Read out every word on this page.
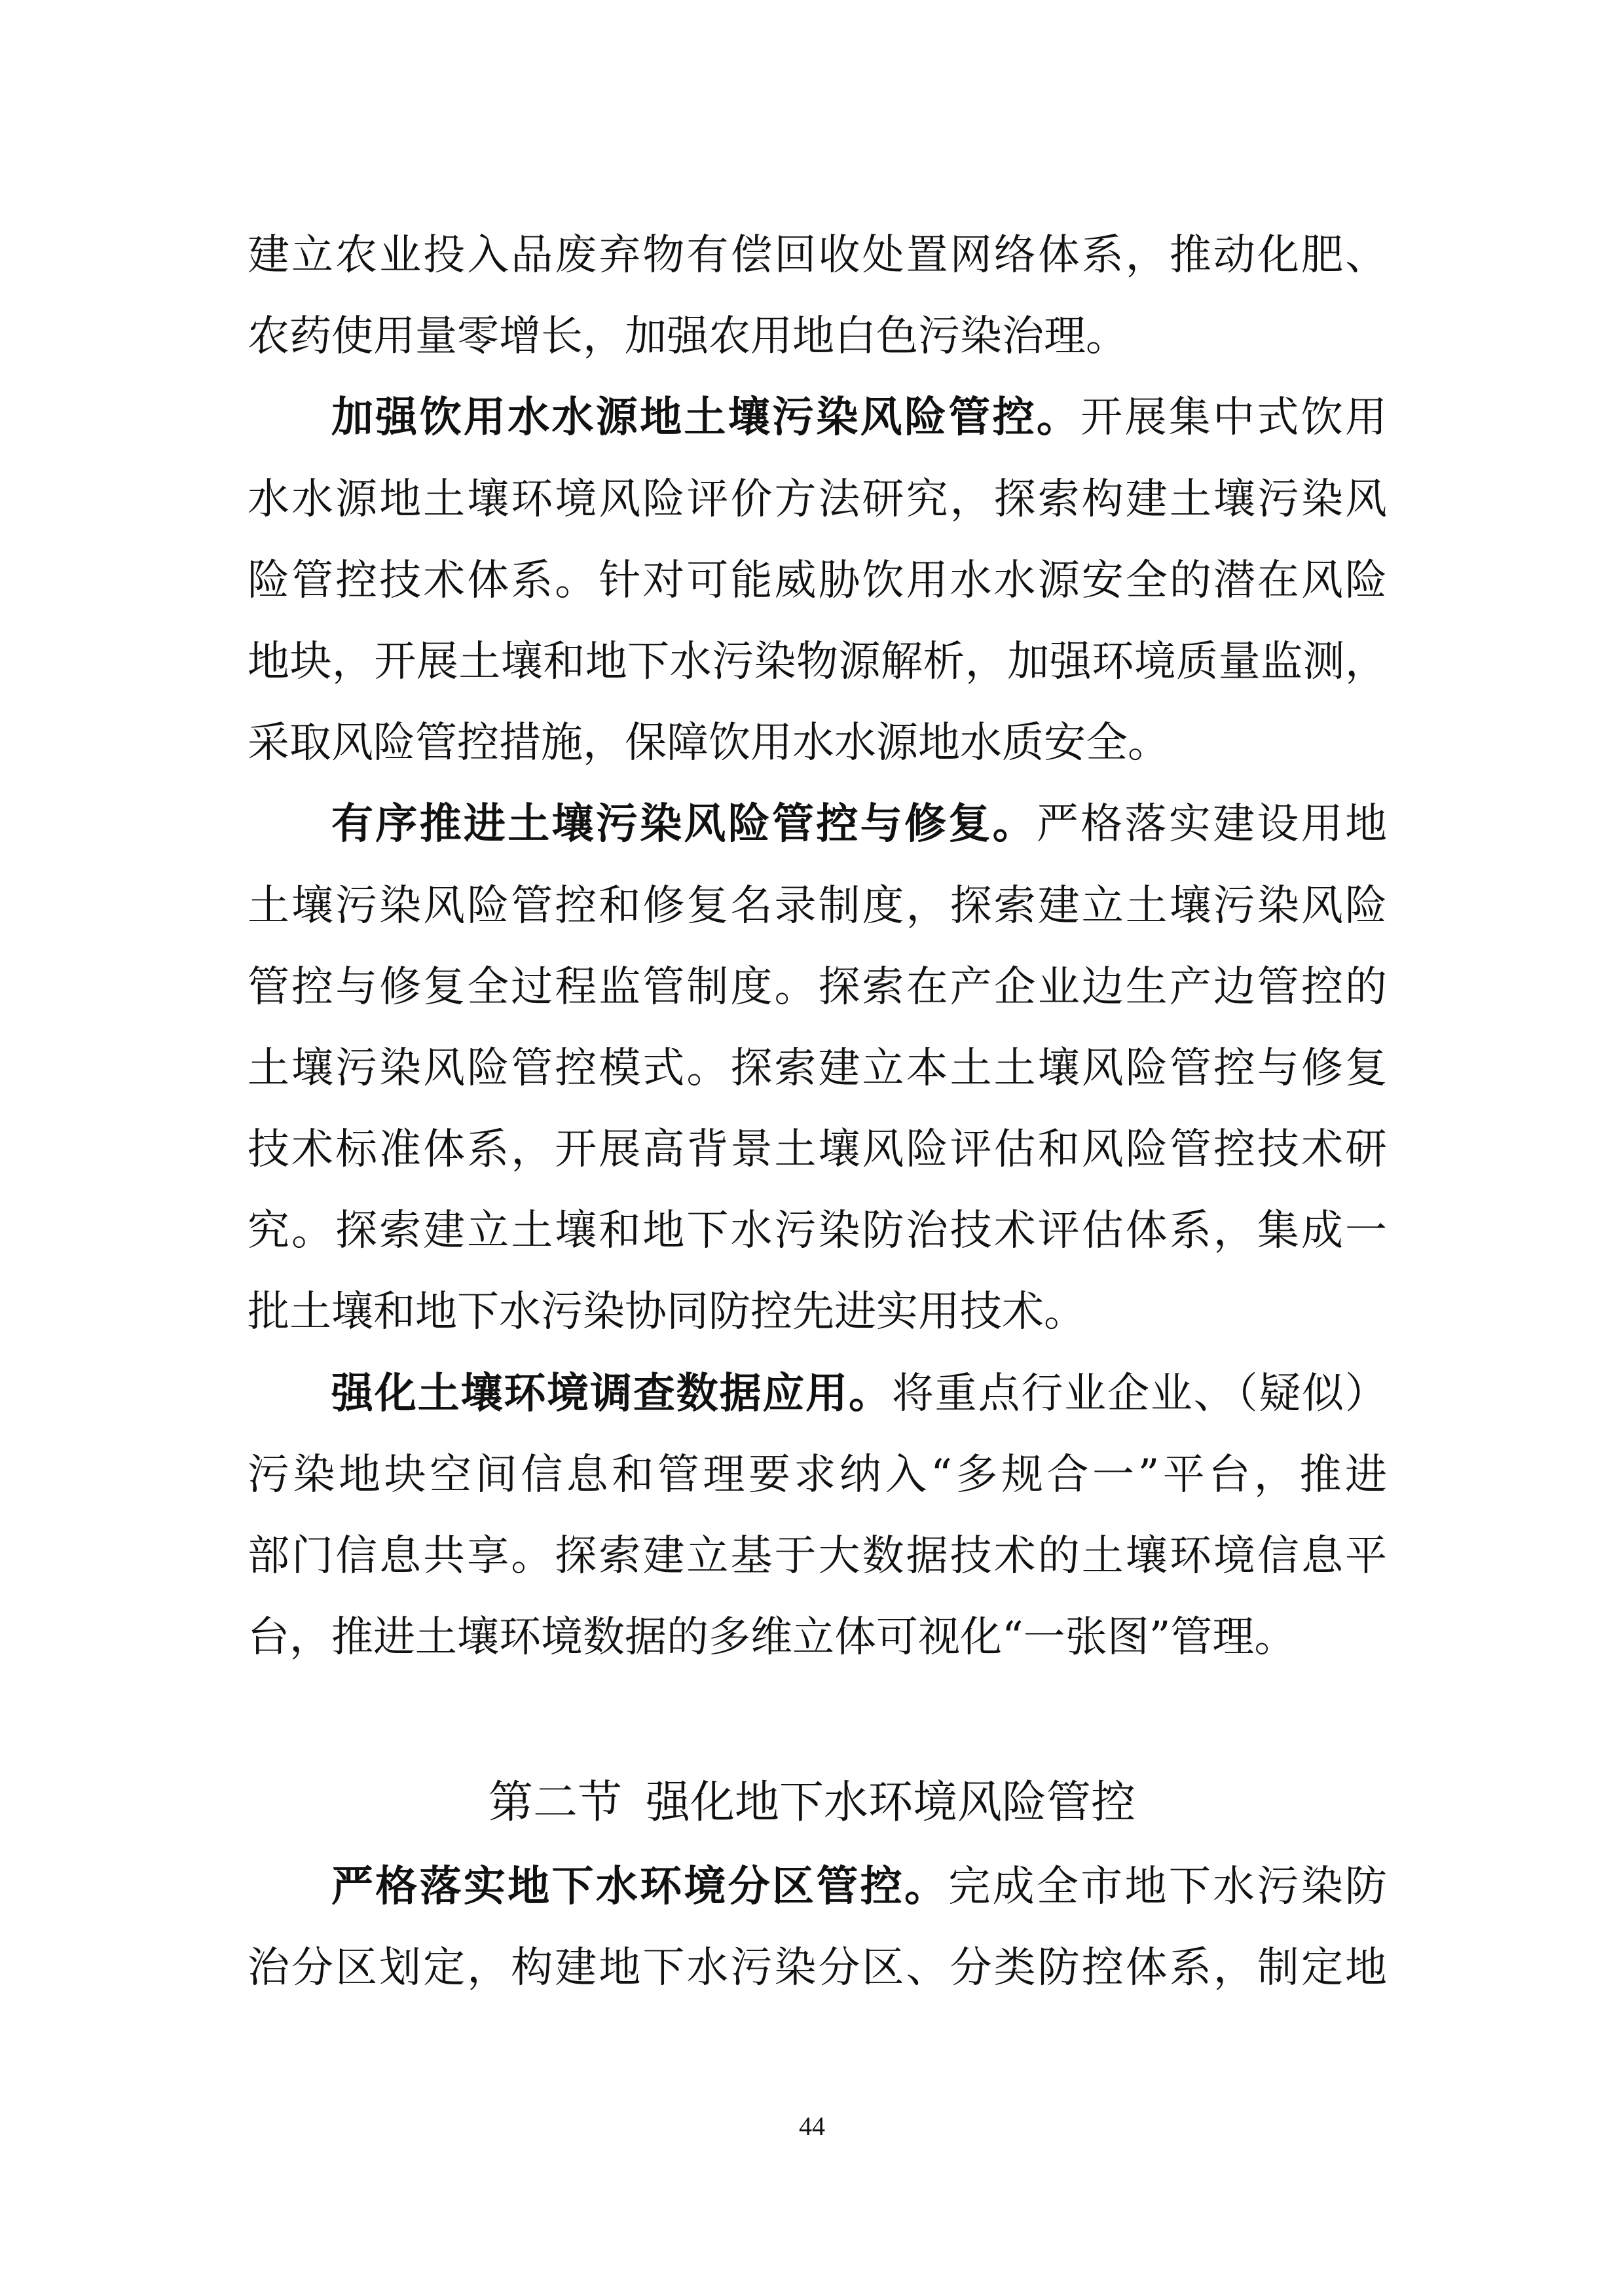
建立农业投入品废弃物有偿回收处置网络体系，推动化肥、
农药使用量零增长，加强农用地白色污染治理。
加强饮用水水源地土壤污染风险管控。开展集中式饮用
水水源地土壤环境风险评价方法研究，探索构建土壤污染风
险管控技术体系。针对可能威胁饮用水水源安全的潜在风险
地块，开展土壤和地下水污染物源解析，加强环境质量监测，
采取风险管控措施，保障饮用水水源地水质安全。
有序推进土壤污染风险管控与修复。严格落实建设用地
土壤污染风险管控和修复名录制度，探索建立土壤污染风险
管控与修复全过程监管制度。探索在产企业边生产边管控的
土壤污染风险管控模式。探索建立本土土壤风险管控与修复
技术标准体系，开展高背景土壤风险评估和风险管控技术研
究。探索建立土壤和地下水污染防治技术评估体系，集成一
批土壤和地下水污染协同防控先进实用技术。
强化土壤环境调查数据应用。将重点行业企业、（疑似）
污染地块空间信息和管理要求纳入“多规合一”平台，推进
部门信息共享。探索建立基于大数据技术的土壤环境信息平
台，推进土壤环境数据的多维立体可视化“一张图”管理。
第二节 强化地下水环境风险管控
严格落实地下水环境分区管控。完成全市地下水污染防
治分区划定，构建地下水污染分区、分类防控体系，制定地
44
